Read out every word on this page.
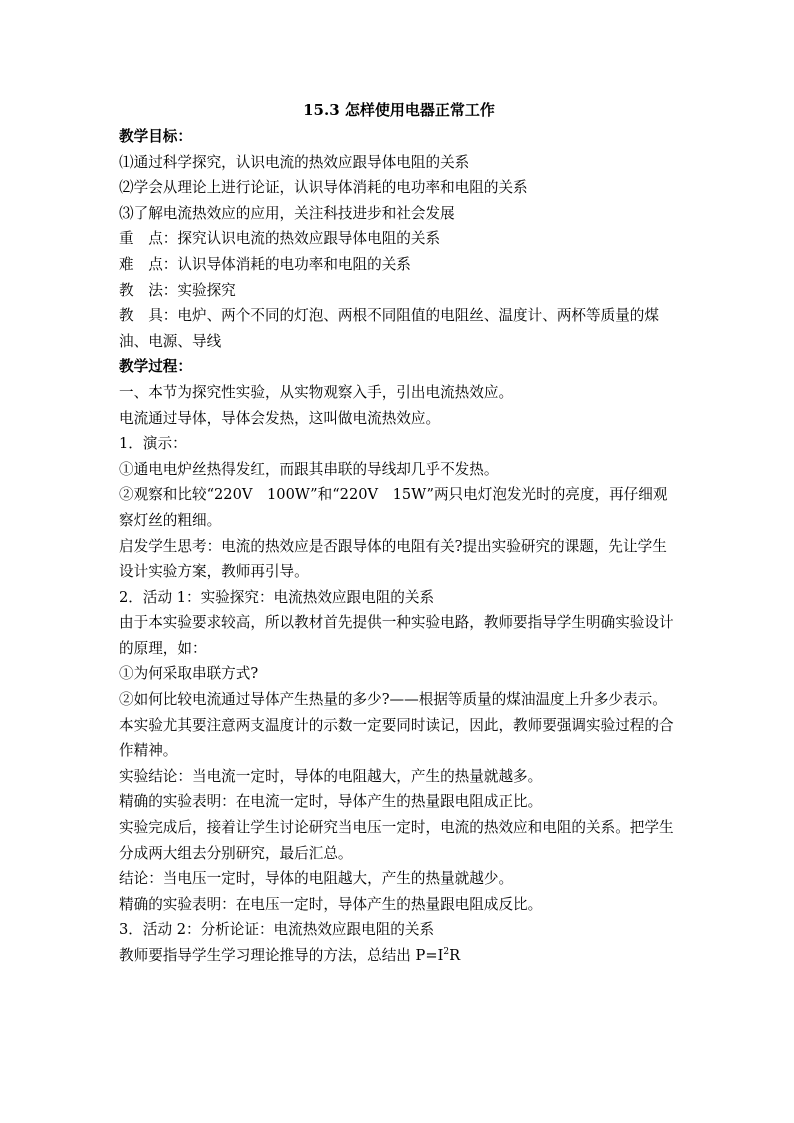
15.3 怎样使用电器正常工作

教学目标：

⑴通过科学探究，认识电流的热效应跟导体电阻的关系

⑵学会从理论上进行论证，认识导体消耗的电功率和电阻的关系

⑶了解电流热效应的应用，关注科技进步和社会发展

重　点：探究认识电流的热效应跟导体电阻的关系

难　点：认识导体消耗的电功率和电阻的关系

教　法：实验探究

教　具：电炉、两个不同的灯泡、两根不同阻值的电阻丝、温度计、两杯等质量的煤油、电源、导线

教学过程：

一、本节为探究性实验，从实物观察入手，引出电流热效应。

电流通过导体，导体会发热，这叫做电流热效应。

1．演示：

①通电电炉丝热得发红，而跟其串联的导线却几乎不发热。

②观察和比较“220V　100W”和“220V　15W”两只电灯泡发光时的亮度，再仔细观察灯丝的粗细。

启发学生思考：电流的热效应是否跟导体的电阻有关?提出实验研究的课题，先让学生设计实验方案，教师再引导。

2．活动 1：实验探究：电流热效应跟电阻的关系

由于本实验要求较高，所以教材首先提供一种实验电路，教师要指导学生明确实验设计的原理，如：

①为何采取串联方式?

②如何比较电流通过导体产生热量的多少?——根据等质量的煤油温度上升多少表示。

本实验尤其要注意两支温度计的示数一定要同时读记，因此，教师要强调实验过程的合作精神。

实验结论：当电流一定时，导体的电阻越大，产生的热量就越多。

精确的实验表明：在电流一定时，导体产生的热量跟电阻成正比。

实验完成后，接着让学生讨论研究当电压一定时，电流的热效应和电阻的关系。把学生分成两大组去分别研究，最后汇总。

结论：当电压一定时，导体的电阻越大，产生的热量就越少。

精确的实验表明：在电压一定时，导体产生的热量跟电阻成反比。

3．活动 2：分析论证：电流热效应跟电阻的关系

教师要指导学生学习理论推导的方法，总结出 $P=I^2R$
